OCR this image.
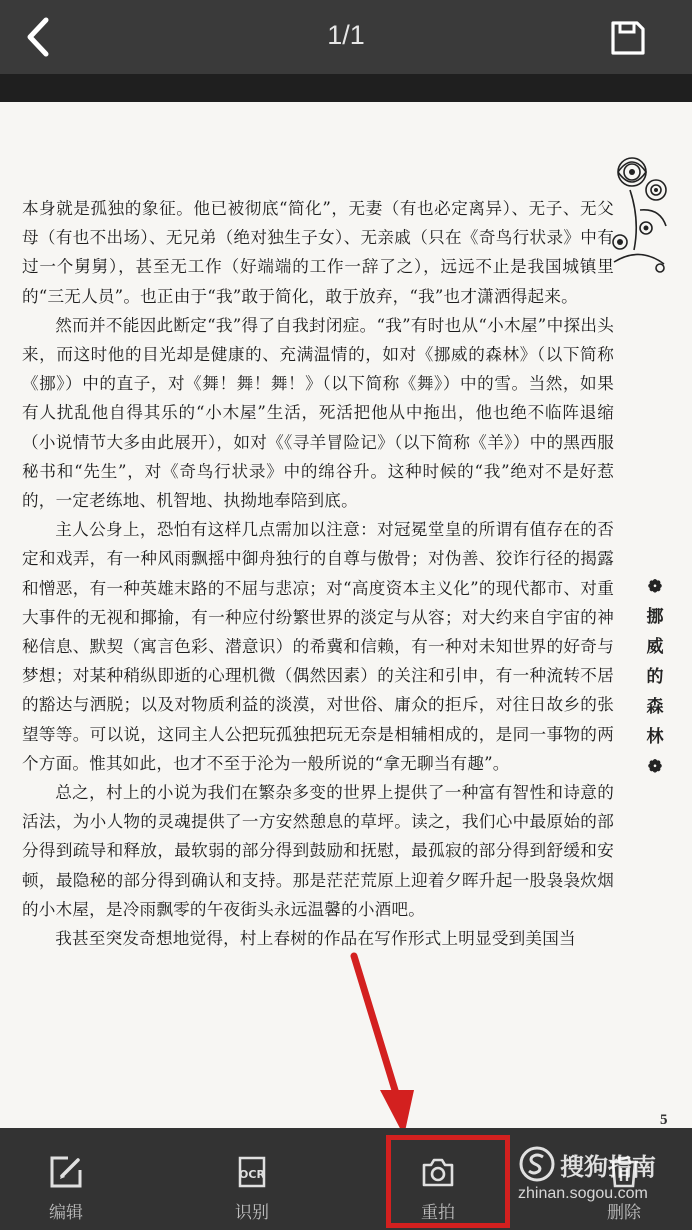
1/1

本身就是孤独的象征。他已被彻底“简化”，无妻（有也必定离异）、无子、无父母（有也不出场）、无兄弟（绝对独生子女）、无亲戚（只在《奇鸟行状录》中有过一个舅舅），甚至无工作（好端端的工作一辞了之），远远不止是我国城镇里的“三无人员”。也正由于“我”敢于简化，敢于放弃，“我”也才潇洒得起来。

然而并不能因此断定“我”得了自我封闭症。“我”有时也从“小木屋”中探出头来，而这时他的目光却是健康的、充满温情的，如对《挪威的森林》（以下简称《挪》）中的直子，对《舞！舞！舞！》（以下简称《舞》）中的雪。当然，如果有人扰乱他自得其乐的“小木屋”生活，死活把他从中拖出，他也绝不临阵退缩（小说情节大多由此展开），如对《《寻羊冒险记》（以下简称《羊》）中的黑西服秘书和“先生”，对《奇鸟行状录》中的绵谷升。这种时候的“我”绝对不是好惹的，一定老练地、机智地、执拗地奉陪到底。

主人公身上，恐怕有这样几点需加以注意：对冠冕堂皇的所谓有值存在的否定和戏弄，有一种风雨飘摇中御舟独行的自尊与傲骨；对伪善、狡诈行径的揭露和憎恶，有一种英雄末路的不屈与悲凉；对“高度资本主义化”的现代都市、对重大事件的无视和揶揄，有一种应付纷繁世界的淡定与从容；对大约来自宇宙的神秘信息、默契（寓言色彩、潜意识）的希冀和信赖，有一种对未知世界的好奇与梦想；对某种稍纵即逝的心理机微（偶然因素）的关注和引申，有一种流转不居的豁达与洒脱；以及对物质利益的淡漠，对世俗、庸众的拒斥，对往日故乡的张望等等。可以说，这同主人公把玩孤独把玩无奈是相辅相成的，是同一事物的两个方面。惟其如此，也才不至于沦为一般所说的“拿无聊当有趣”。

总之，村上的小说为我们在繁杂多变的世界上提供了一种富有智性和诗意的活法，为小人物的灵魂提供了一方安然憩息的草坪。读之，我们心中最原始的部分得到疏导和释放，最软弱的部分得到鼓励和抚慰，最孤寂的部分得到舒缓和安顿，最隐秘的部分得到确认和支持。那是茫茫荒原上迎着夕晖升起一股袅袅炊烟的小木屋，是冷雨飘零的午夜街头永远温馨的小酒吧。

我甚至突发奇想地觉得，村上春树的作品在写作形式上明显受到美国当

❁
挪
威
的
森
林
❁
5
编辑
OCR
识别	重拍	删除
搜狗指南
zhinan.sogou.com
